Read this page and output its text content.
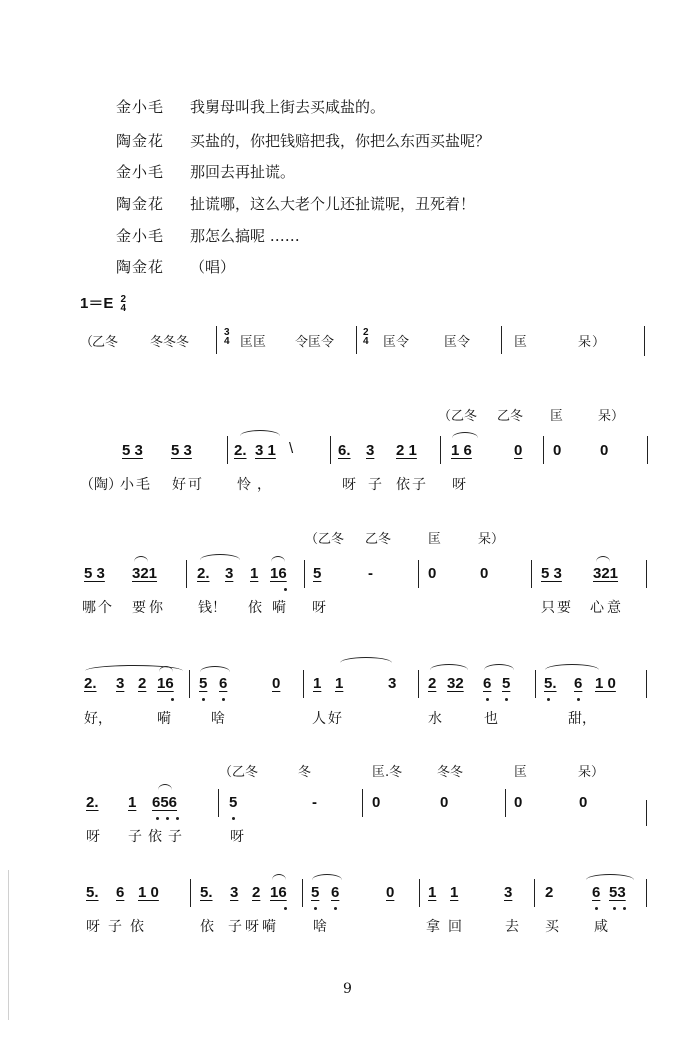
金小毛 我舅母叫我上街去买咸盐的。
陶金花 买盐的，你把钱赔把我，你把么东西买盐呢？
金小毛 那回去再扯谎。
陶金花 扯谎哪，这么大老个儿还扯谎呢，丑死着！
金小毛 那怎么搞呢 ……
陶金花 （唱）
1＝E 2
4
（
乙冬 冬冬冬
3
4 匡匡 令匡令
2
4 匡令	匡令	匡	呆 ）
（乙冬 乙冬 匡	呆）
5 3 5 3	2. 3 1 \	6. 3 2 1 1 6	0 0	0
（陶）
小毛 好可 怜，	呀 子 依子 呀
（乙冬 乙冬	匡	呆）
5 3 321	2. 3 1 16 5	-	0	0	5 3 321
哪个 要你 钱！ 依 嗬 呀	只要 心意
2. 3 2 16 5 6	0 1 1	3 2 32 6 5 5. 6 1 0
好，	嗬	啥	人好	水	也	甜，
（乙冬	冬	匡.冬	冬冬	匡	呆）
2. 1 656	5	-	0	0	0	0
呀 子依子	呀
5. 6 1 0	5. 3 2 16 5 6	0 1 1	3 2	6 53
呀 子依	依 子呀嗬 啥	拿回	去 买	咸
9
